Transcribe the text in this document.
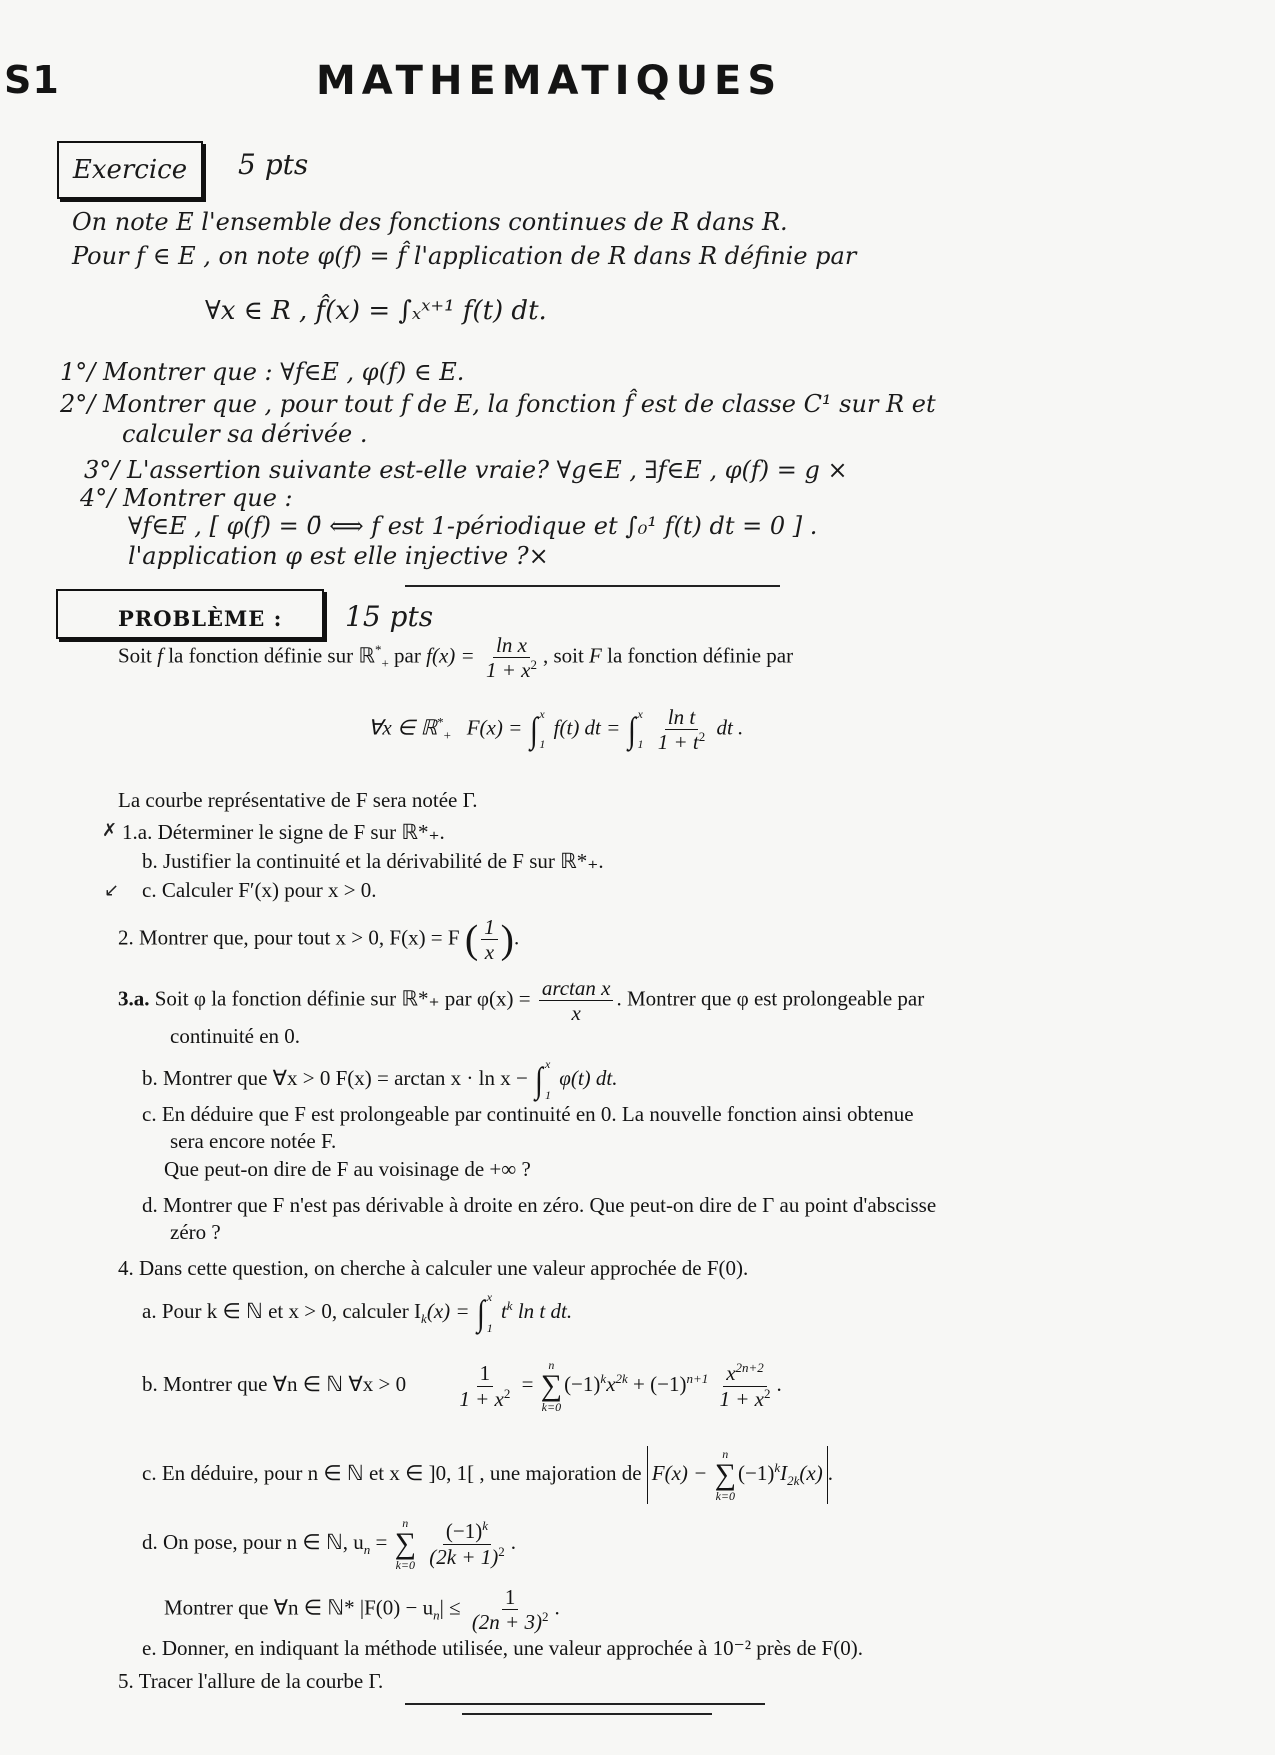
S1	MATHEMATIQUES
Exercice 5 pts
On note E l'ensemble des fonctions continues de R dans R.
Pour f ∈ E , on note φ(f) = f̂ l'application de R dans R définie par
∀x ∈ R , f̂(x) = ∫ₓˣ⁺¹ f(t) dt.
1°/ Montrer que : ∀f∈E , φ(f) ∈ E.
2°/ Montrer que , pour tout f de E, la fonction f̂ est de classe C¹ sur R et
calculer sa dérivée .
3°/ L'assertion suivante est-elle vraie? ∀g∈E , ∃f∈E , φ(f) = g ×
4°/ Montrer que :
∀f∈E , [ φ(f) = 0̄ ⟺ f est 1-périodique et ∫₀¹ f(t) dt = 0 ] .
l'application φ est elle injective ?×
PROBLÈME : 15 pts
Soit f la fonction définie sur ℝ*$_+$ par $f(x) = \frac{\text{ln x}}{1 + x^2}$ , soit F la fonction définie par
∀x ∈ ℝ*$_+$ F(x) = ∫ x
1
f(t) dt = ∫ x
1
$\frac{\text{ln t}}{1 + t^2}$ dt .
La courbe représentative de F sera notée Γ.
✗ 1.a. Déterminer le signe de F sur ℝ*₊.
b. Justifier la continuité et la dérivabilité de F sur ℝ*₊.
↙ c. Calculer F′(x) pour x > 0.
2. Montrer que, pour tout x > 0, F(x) = F ( $\frac{1}{x}$ ).
3.a. Soit φ la fonction définie sur ℝ*₊ par $\varphi(x) = \frac{\text{arctan x}}{x}$ . Montrer que φ est prolongeable par
continuité en 0.
b. Montrer que ∀x > 0 F(x) = arctan x · ln x − ∫ x
1
φ(t) dt.
c. En déduire que F est prolongeable par continuité en 0. La nouvelle fonction ainsi obtenue
sera encore notée F.
Que peut-on dire de F au voisinage de +∞ ?
d. Montrer que F n'est pas dérivable à droite en zéro. Que peut-on dire de Γ au point d'abscisse
zéro ?
4. Dans cette question, on cherche à calculer une valeur approchée de F(0).
a. Pour k ∈ ℕ et x > 0, calculer $I_k(x)$ = ∫ x
1
$t^k$ ln t dt.
b. Montrer que ∀n ∈ ℕ ∀x > $0 \frac{1}{1 + x^2}$ =
n
∑
k=0
$(-1)^kx^{2k} + (-1)^{n+1} \frac{x^{2n+2}}{1 + x^2}$ .
c. En déduire, pour n ∈ ℕ et x ∈ ]0, 1[ , une majoration de F(x) −
n
∑
k=0
$(-1)^kI_{2k}(x)$ .
d. On pose, pour n ∈ ℕ, $u_n$ =
n
∑
k=0
$\frac{(-1)^k}{(2k + 1)^2}$ .
Montrer que ∀n ∈ ℕ* $|F(0) - u_n| \le \frac{1}{(2n + 3)^2}$ .
e. Donner, en indiquant la méthode utilisée, une valeur approchée à 10⁻² près de F(0).
5. Tracer l'allure de la courbe Γ.
